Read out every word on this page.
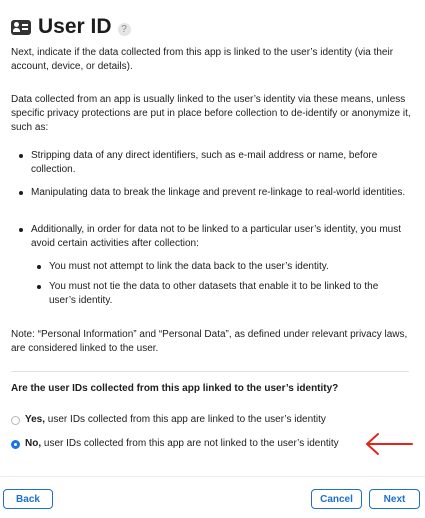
User ID ?

Next, indicate if the data collected from this app is linked to the user’s identity (via their account, device, or details).

Data collected from an app is usually linked to the user’s identity via these means, unless specific privacy protections are put in place before collection to de-identify or anonymize it, such as:

Stripping data of any direct identifiers, such as e-mail address or name, before collection.

Manipulating data to break the linkage and prevent re-linkage to real-world identities.

Additionally, in order for data not to be linked to a particular user’s identity, you must avoid certain activities after collection:

You must not attempt to link the data back to the user’s identity.

You must not tie the data to other datasets that enable it to be linked to the user’s identity.

Note: “Personal Information” and “Personal Data”, as defined under relevant privacy laws, are considered linked to the user.

Are the user IDs collected from this app linked to the user’s identity?

Yes, user IDs collected from this app are linked to the user’s identity
No, user IDs collected from this app are not linked to the user’s identity
Back	Cancel	Next
